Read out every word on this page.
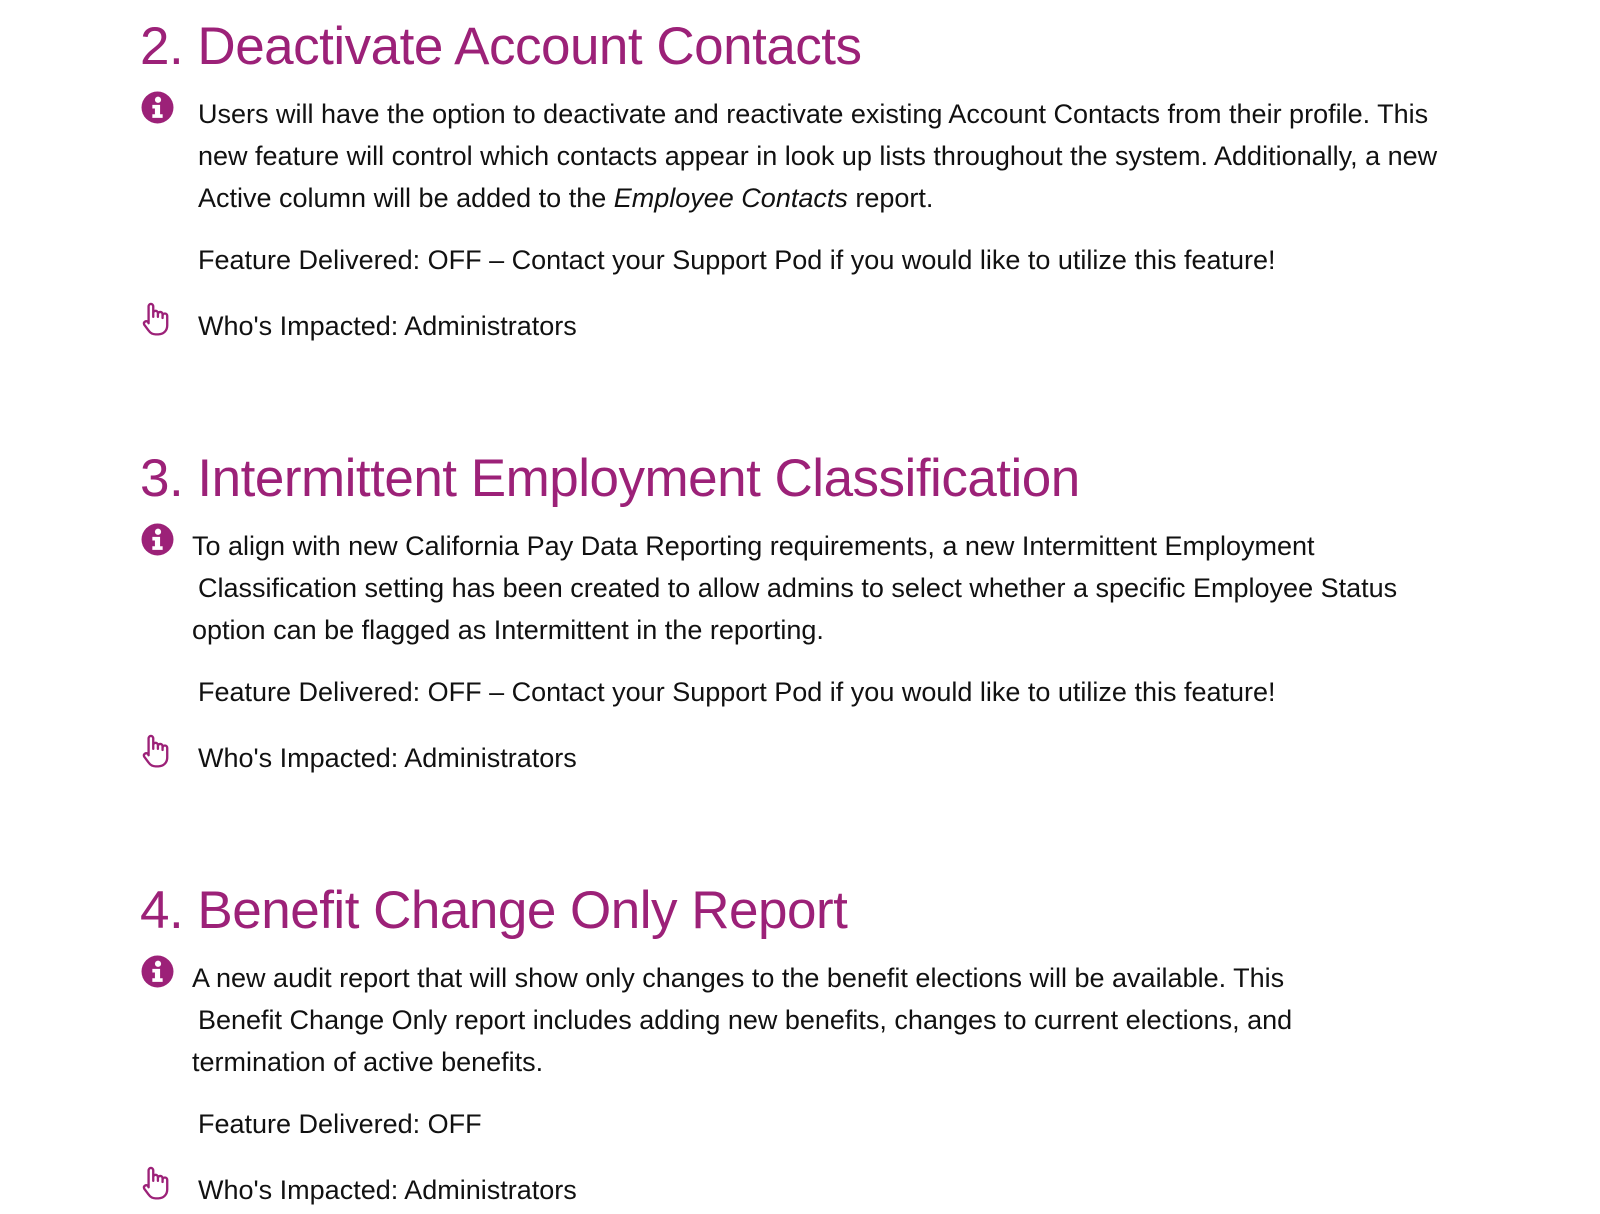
2. Deactivate Account Contacts

Users will have the option to deactivate and reactivate existing Account Contacts from their profile. This new feature will control which contacts appear in look up lists throughout the system. Additionally, a new Active column will be added to the Employee Contacts report.

Feature Delivered: OFF – Contact your Support Pod if you would like to utilize this feature!

Who's Impacted: Administrators

3. Intermittent Employment Classification

To align with new California Pay Data Reporting requirements, a new Intermittent Employment
Classification setting has been created to allow admins to select whether a specific Employee Status option can be flagged as Intermittent in the reporting.

Feature Delivered: OFF – Contact your Support Pod if you would like to utilize this feature!

Who's Impacted: Administrators

4. Benefit Change Only Report

A new audit report that will show only changes to the benefit elections will be available. This
Benefit Change Only report includes adding new benefits, changes to current elections, and termination of active benefits.

Feature Delivered: OFF

Who's Impacted: Administrators
